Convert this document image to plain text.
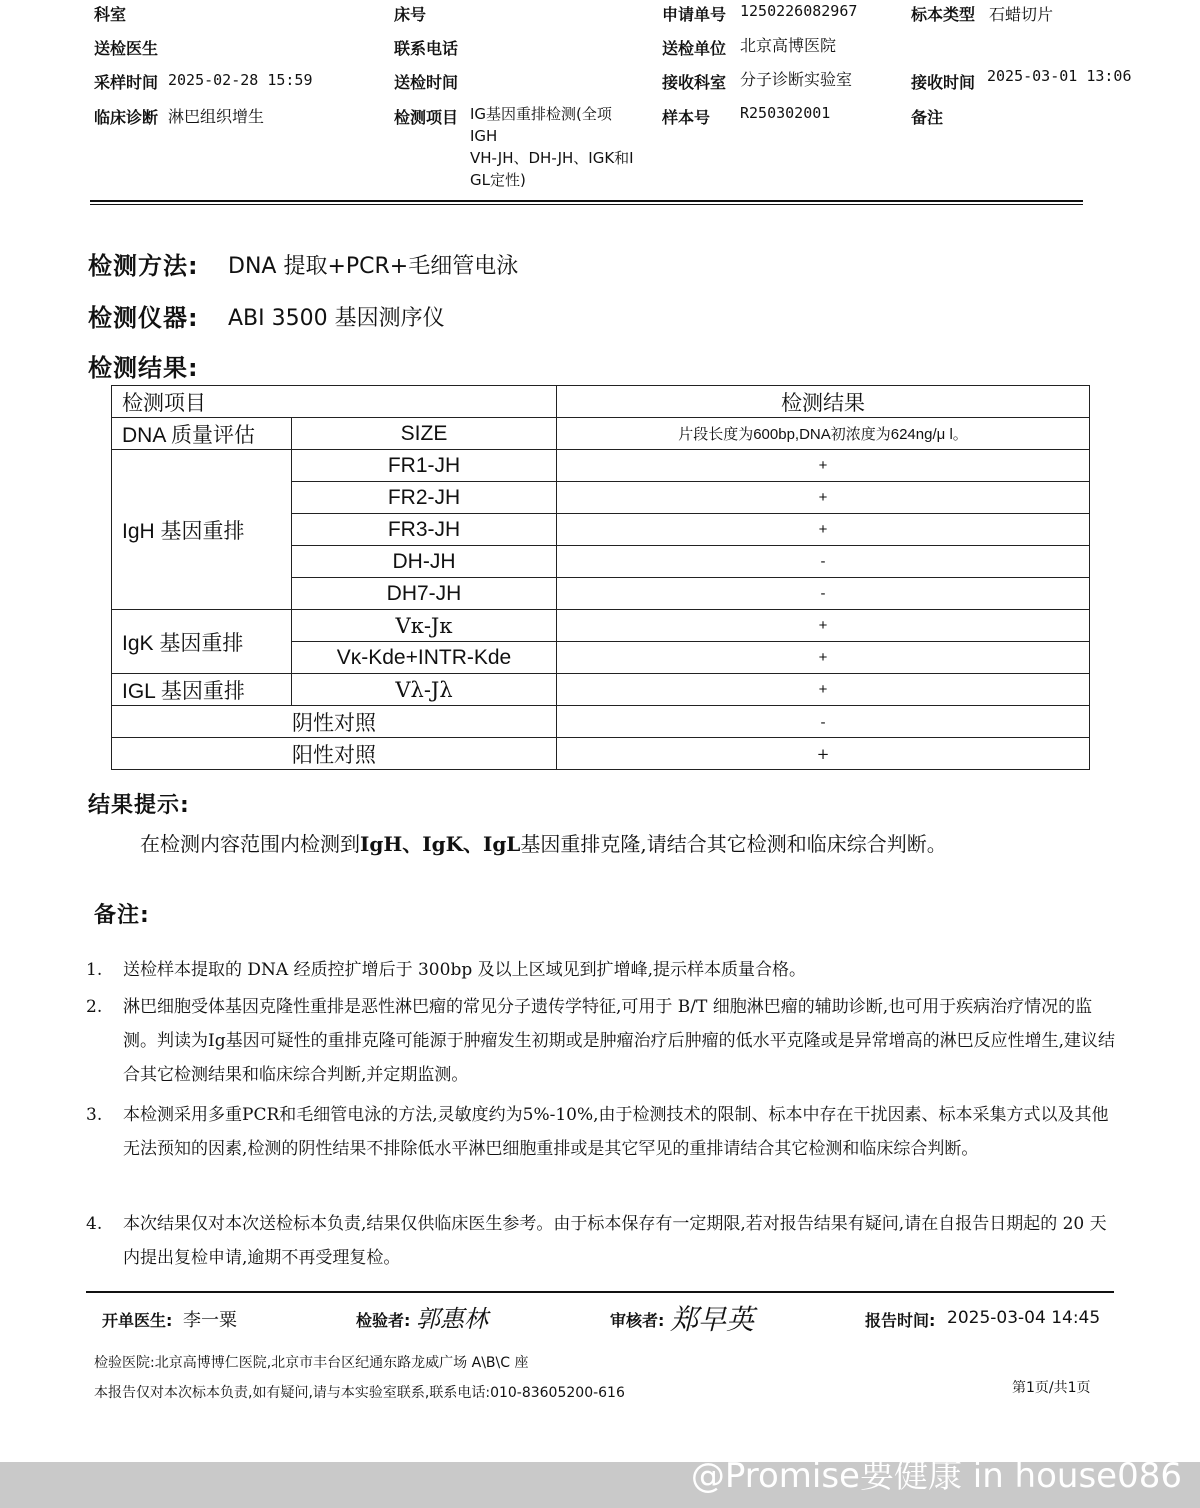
科室	床号	申请单号 1250226082967	标本类型 石蜡切片
送检医生	联系电话	送检单位 北京高博医院
采样时间 2025-02-28 15:59	送检时间	接收科室 分子诊断实验室	接收时间 2025-03-01 13:06
临床诊断 淋巴组织增生	检测项目 IG基因重排检测(全项
IGH
VH-JH、DH-JH、IGK和I
GL定性)
样本号 R250302001	备注
检测方法: DNA 提取+PCR+毛细管电泳
检测仪器: ABI 3500 基因测序仪
检测结果:
检测项目		检测结果
DNA 质量评估	SIZE	片段长度为600bp,DNA初浓度为624ng/μ l。
IgH 基因重排	FR1-JH	+
	FR2-JH	+
	FR3-JH	+
	DH-JH	-
	DH7-JH	-
IgK 基因重排	Vκ-Jκ	+
	Vκ-Kde+INTR-Kde	+
IGL 基因重排	Vλ-Jλ	+
阴性对照		-
阳性对照		+
结果提示:
在检测内容范围内检测到IgH、IgK、IgL基因重排克隆,请结合其它检测和临床综合判断。
备注:
1. 送检样本提取的 DNA 经质控扩增后于 300bp 及以上区域见到扩增峰,提示样本质量合格。
2. 淋巴细胞受体基因克隆性重排是恶性淋巴瘤的常见分子遗传学特征,可用于 B/T 细胞淋巴瘤的辅助诊断,也可用于疾病治疗情况的监测。判读为Ig基因可疑性的重排克隆可能源于肿瘤发生初期或是肿瘤治疗后肿瘤的低水平克隆或是异常增高的淋巴反应性增生,建议结合其它检测结果和临床综合判断,并定期监测。
3. 本检测采用多重PCR和毛细管电泳的方法,灵敏度约为5%-10%,由于检测技术的限制、标本中存在干扰因素、标本采集方式以及其他无法预知的因素,检测的阴性结果不排除低水平淋巴细胞重排或是其它罕见的重排请结合其它检测和临床综合判断。
4. 本次结果仅对本次送检标本负责,结果仅供临床医生参考。由于标本保存有一定期限,若对报告结果有疑问,请在自报告日期起的 20 天内提出复检申请,逾期不再受理复检。
开单医生: 李一粟	检验者: 郭惠林	审核者: 郑早英	报告时间: 2025-03-04 14:45
检验医院:北京高博博仁医院,北京市丰台区纪通东路龙威广场 A\B\C 座
本报告仅对本次标本负责,如有疑问,请与本实验室联系,联系电话:010-83605200-616	第1页/共1页
@Promise要健康 in house086
